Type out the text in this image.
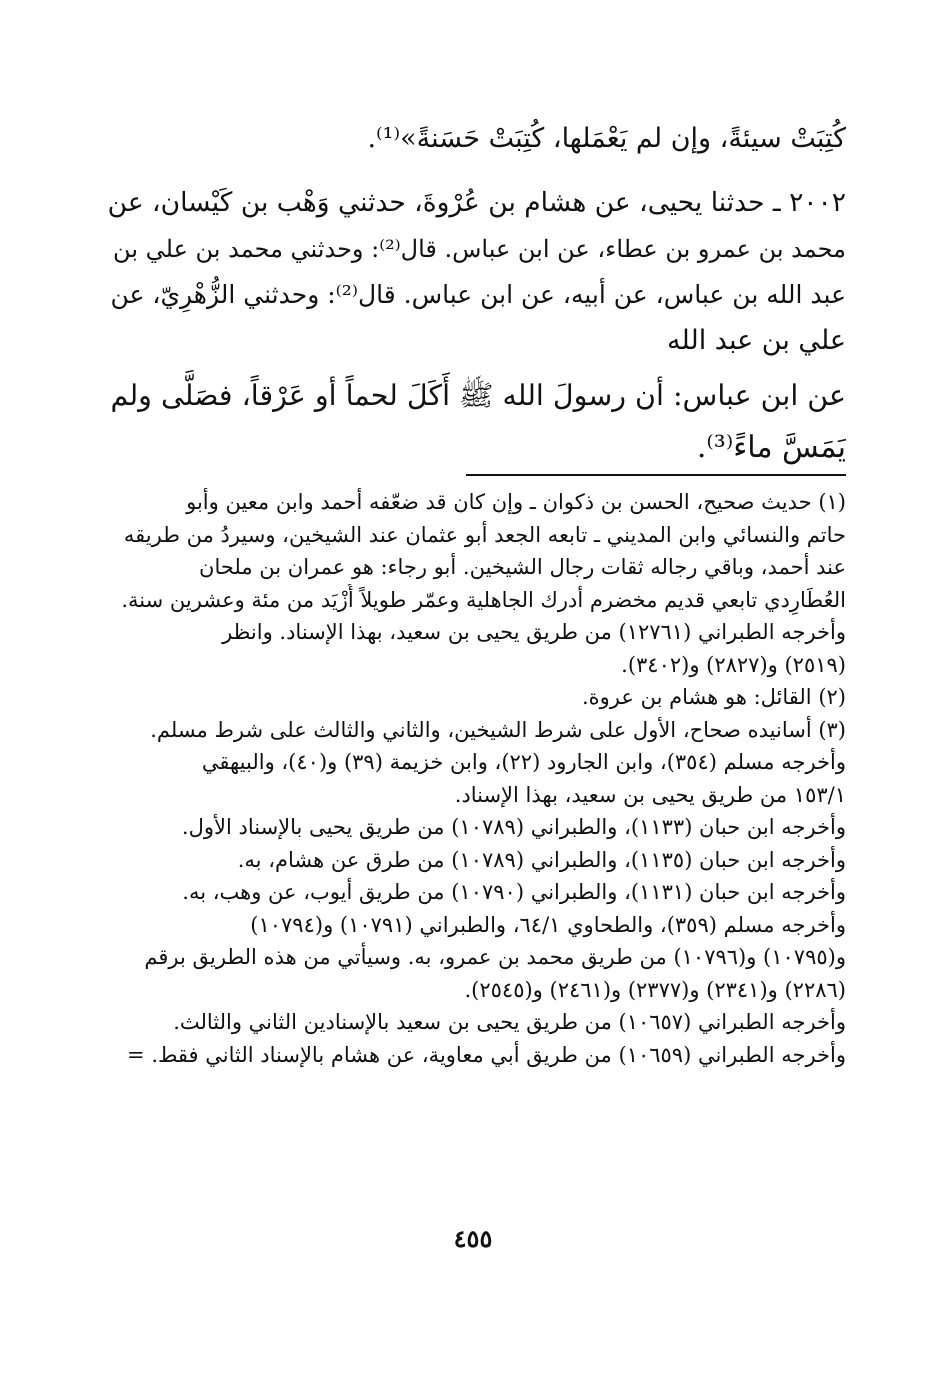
كُتِبَتْ سيئةً، وإن لم يَعْمَلها، كُتِبَتْ حَسَنةً»⁽¹⁾.
٢٠٠٢ ـ حدثنا يحيى، عن هشام بن عُرْوةَ، حدثني وَهْب بن كَيْسان، عن
محمد بن عمرو بن عطاء، عن ابن عباس. قال⁽²⁾: وحدثني محمد بن علي بن
عبد الله بن عباس، عن أبيه، عن ابن عباس. قال⁽²⁾: وحدثني الزُّهْرِيّ، عن
علي بن عبد الله
عن ابن عباس: أن رسولَ الله ﷺ أَكَلَ لحماً أو عَرْقاً، فصَلَّى ولم
يَمَسَّ ماءً⁽³⁾.
(١) حديث صحيح، الحسن بن ذكوان ـ وإن كان قد ضعّفه أحمد وابن معين وأبو
حاتم والنسائي وابن المديني ـ تابعه الجعد أبو عثمان عند الشيخين، وسيردُ من طريقه
عند أحمد، وباقي رجاله ثقات رجال الشيخين. أبو رجاء: هو عمران بن ملحان
العُطَارِدي تابعي قديم مخضرم أدرك الجاهلية وعمّر طويلاً أُزْيَد من مئة وعشرين سنة.
وأخرجه الطبراني (١٢٧٦١) من طريق يحيى بن سعيد، بهذا الإسناد. وانظر
(٢٥١٩) و(٢٨٢٧) و(٣٤٠٢).
(٢) القائل: هو هشام بن عروة.
(٣) أسانيده صحاح، الأول على شرط الشيخين، والثاني والثالث على شرط مسلم.
وأخرجه مسلم (٣٥٤)، وابن الجارود (٢٢)، وابن خزيمة (٣٩) و(٤٠)، والبيهقي
١٥٣/١ من طريق يحيى بن سعيد، بهذا الإسناد.
وأخرجه ابن حبان (١١٣٣)، والطبراني (١٠٧٨٩) من طريق يحيى بالإسناد الأول.
وأخرجه ابن حبان (١١٣٥)، والطبراني (١٠٧٨٩) من طرق عن هشام، به.
وأخرجه ابن حبان (١١٣١)، والطبراني (١٠٧٩٠) من طريق أيوب، عن وهب، به.
وأخرجه مسلم (٣٥٩)، والطحاوي ٦٤/١، والطبراني (١٠٧٩١) و(١٠٧٩٤)
و(١٠٧٩٥) و(١٠٧٩٦) من طريق محمد بن عمرو، به. وسيأتي من هذه الطريق برقم
(٢٢٨٦) و(٢٣٤١) و(٢٣٧٧) و(٢٤٦١) و(٢٥٤٥).
وأخرجه الطبراني (١٠٦٥٧) من طريق يحيى بن سعيد بالإسنادين الثاني والثالث.
وأخرجه الطبراني (١٠٦٥٩) من طريق أبي معاوية، عن هشام بالإسناد الثاني فقط. =
٤٥٥
